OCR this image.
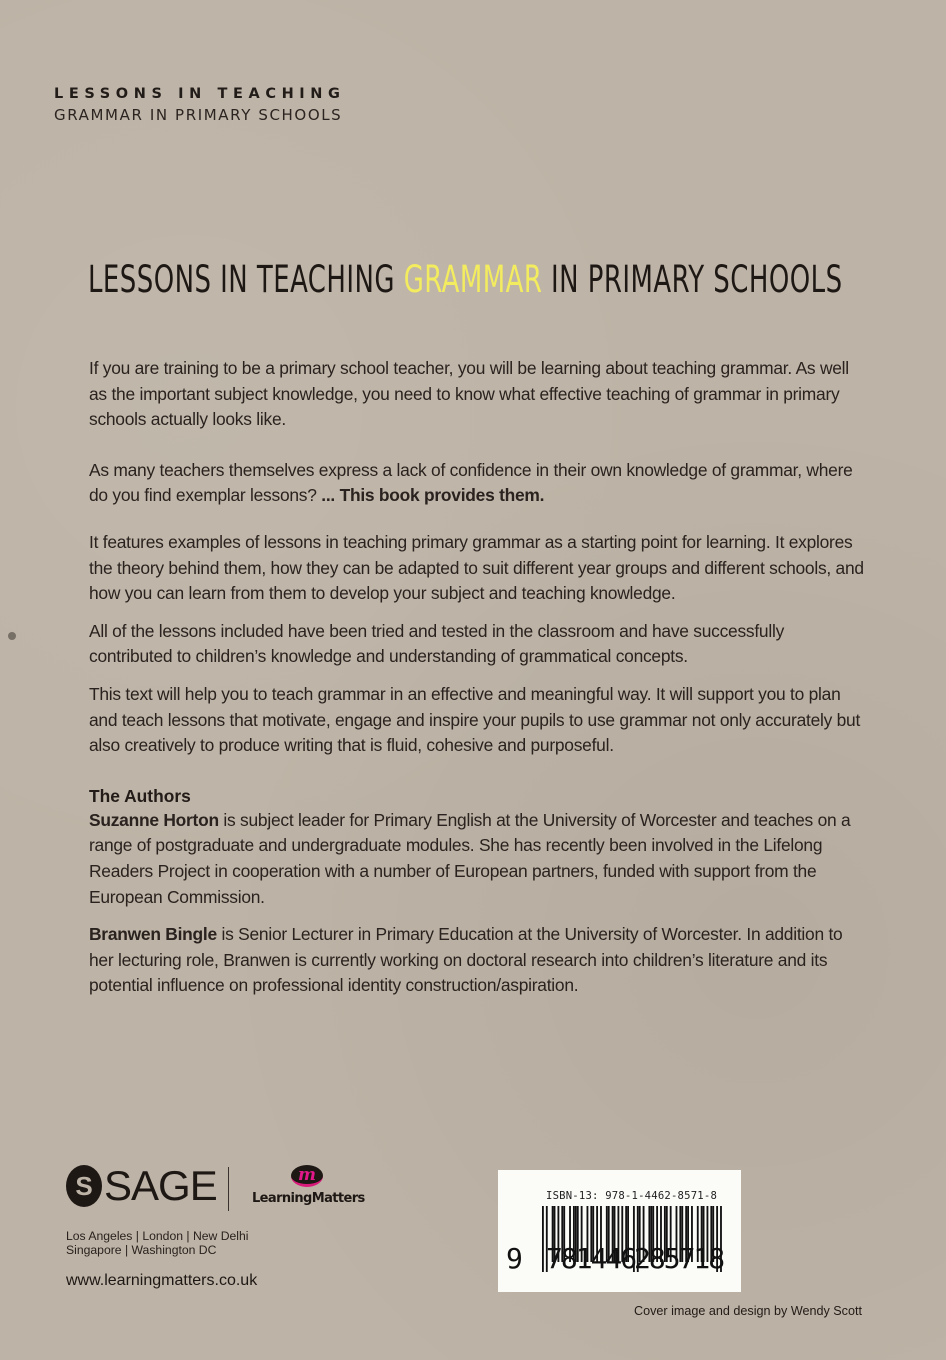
LESSONS IN TEACHING
GRAMMAR IN PRIMARY SCHOOLS
LESSONS IN TEACHING GRAMMAR IN PRIMARY SCHOOLS

If you are training to be a primary school teacher, you will be learning about teaching grammar. As well as the important subject knowledge, you need to know what effective teaching of grammar in primary schools actually looks like.

As many teachers themselves express a lack of confidence in their own knowledge of grammar, where do you find exemplar lessons? ... This book provides them.

It features examples of lessons in teaching primary grammar as a starting point for learning. It explores the theory behind them, how they can be adapted to suit different year groups and different schools, and how you can learn from them to develop your subject and teaching knowledge.

All of the lessons included have been tried and tested in the classroom and have successfully contributed to children’s knowledge and understanding of grammatical concepts.

This text will help you to teach grammar in an effective and meaningful way. It will support you to plan and teach lessons that motivate, engage and inspire your pupils to use grammar not only accurately but also creatively to produce writing that is fluid, cohesive and purposeful.

The Authors

Suzanne Horton is subject leader for Primary English at the University of Worcester and teaches on a range of postgraduate and undergraduate modules. She has recently been involved in the Lifelong Readers Project in cooperation with a number of European partners, funded with support from the European Commission.

Branwen Bingle is Senior Lecturer in Primary Education at the University of Worcester. In addition to her lecturing role, Branwen is currently working on doctoral research into children’s literature and its potential influence on professional identity construction/aspiration.

S SAGE	m
LearningMatters
Los Angeles | London | New Delhi
Singapore | Washington DC
www.learningmatters.co.uk
ISBN-13: 978-1-4462-8571-8
9 781446
285718
Cover image and design by Wendy Scott
